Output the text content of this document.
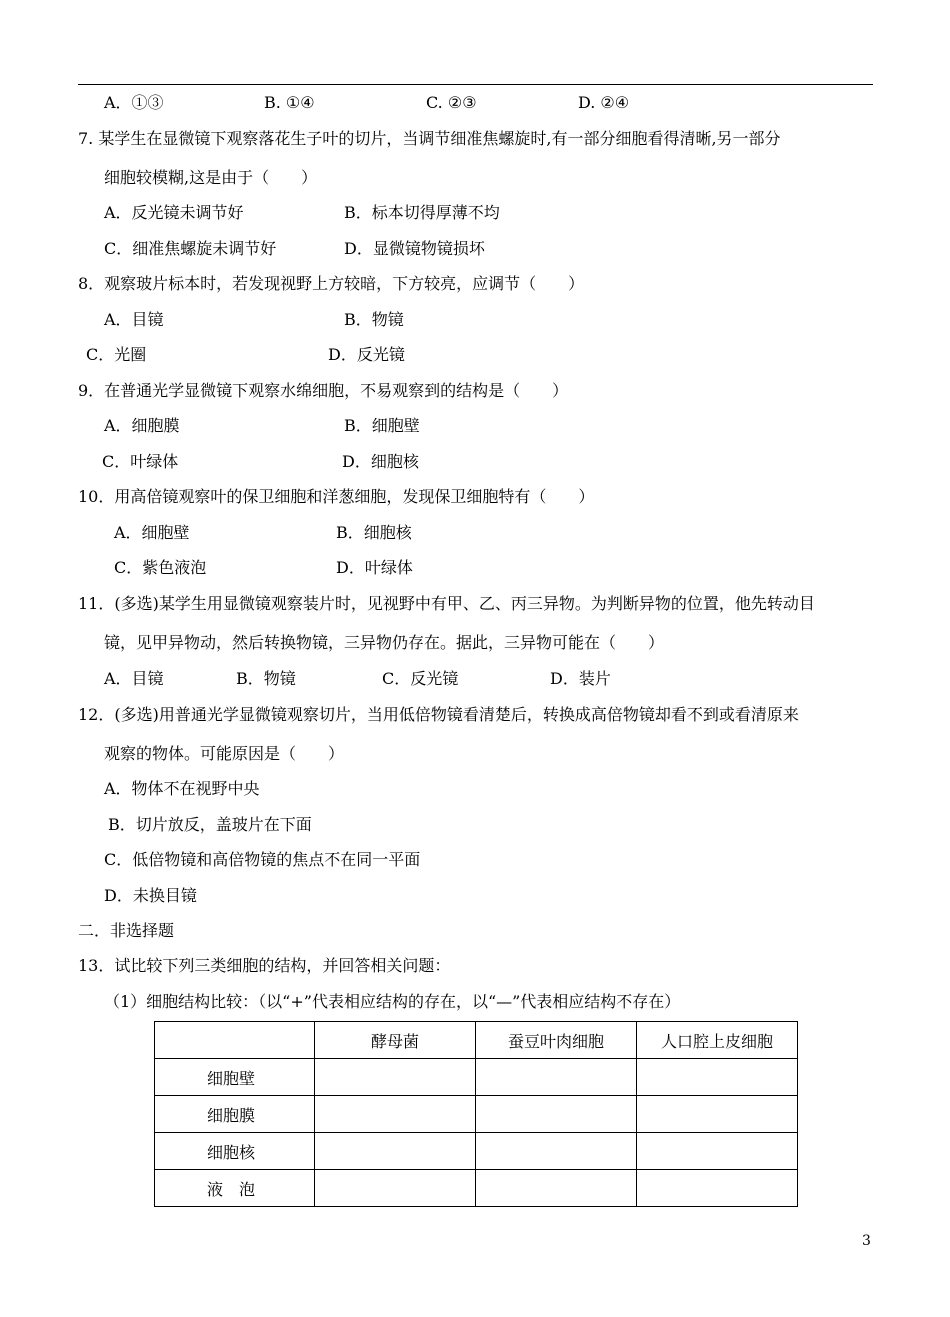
A．①③	B. ①④	C. ②③	D. ②④
7. 某学生在显微镜下观察落花生子叶的切片，当调节细准焦螺旋时,有一部分细胞看得清晰,另一部分
细胞较模糊,这是由于（　　）
A．反光镜未调节好	B．标本切得厚薄不均
C．细准焦螺旋未调节好	D．显微镜物镜损坏
8．观察玻片标本时，若发现视野上方较暗，下方较亮，应调节（　　）
A．目镜	B．物镜
C．光圈	D．反光镜
9．在普通光学显微镜下观察水绵细胞，不易观察到的结构是（　　）
A．细胞膜	B．细胞壁
C．叶绿体	D．细胞核
10．用高倍镜观察叶的保卫细胞和洋葱细胞，发现保卫细胞特有（　　）
A．细胞壁	B．细胞核
C．紫色液泡	D．叶绿体
11．(多选)某学生用显微镜观察装片时，见视野中有甲、乙、丙三异物。为判断异物的位置，他先转动目
镜，见甲异物动，然后转换物镜，三异物仍存在。据此，三异物可能在（　　）
A．目镜	B．物镜	C．反光镜	D．装片
12．(多选)用普通光学显微镜观察切片，当用低倍物镜看清楚后，转换成高倍物镜却看不到或看清原来
观察的物体。可能原因是（　　）
A．物体不在视野中央
B．切片放反，盖玻片在下面
C．低倍物镜和高倍物镜的焦点不在同一平面
D．未换目镜
二．非选择题
13．试比较下列三类细胞的结构，并回答相关问题：
（1）细胞结构比较：（以“+”代表相应结构的存在，以“—”代表相应结构不存在）
	酵母菌	蚕豆叶肉细胞	人口腔上皮细胞
细胞壁			
细胞膜			
细胞核			
液　泡			
3
